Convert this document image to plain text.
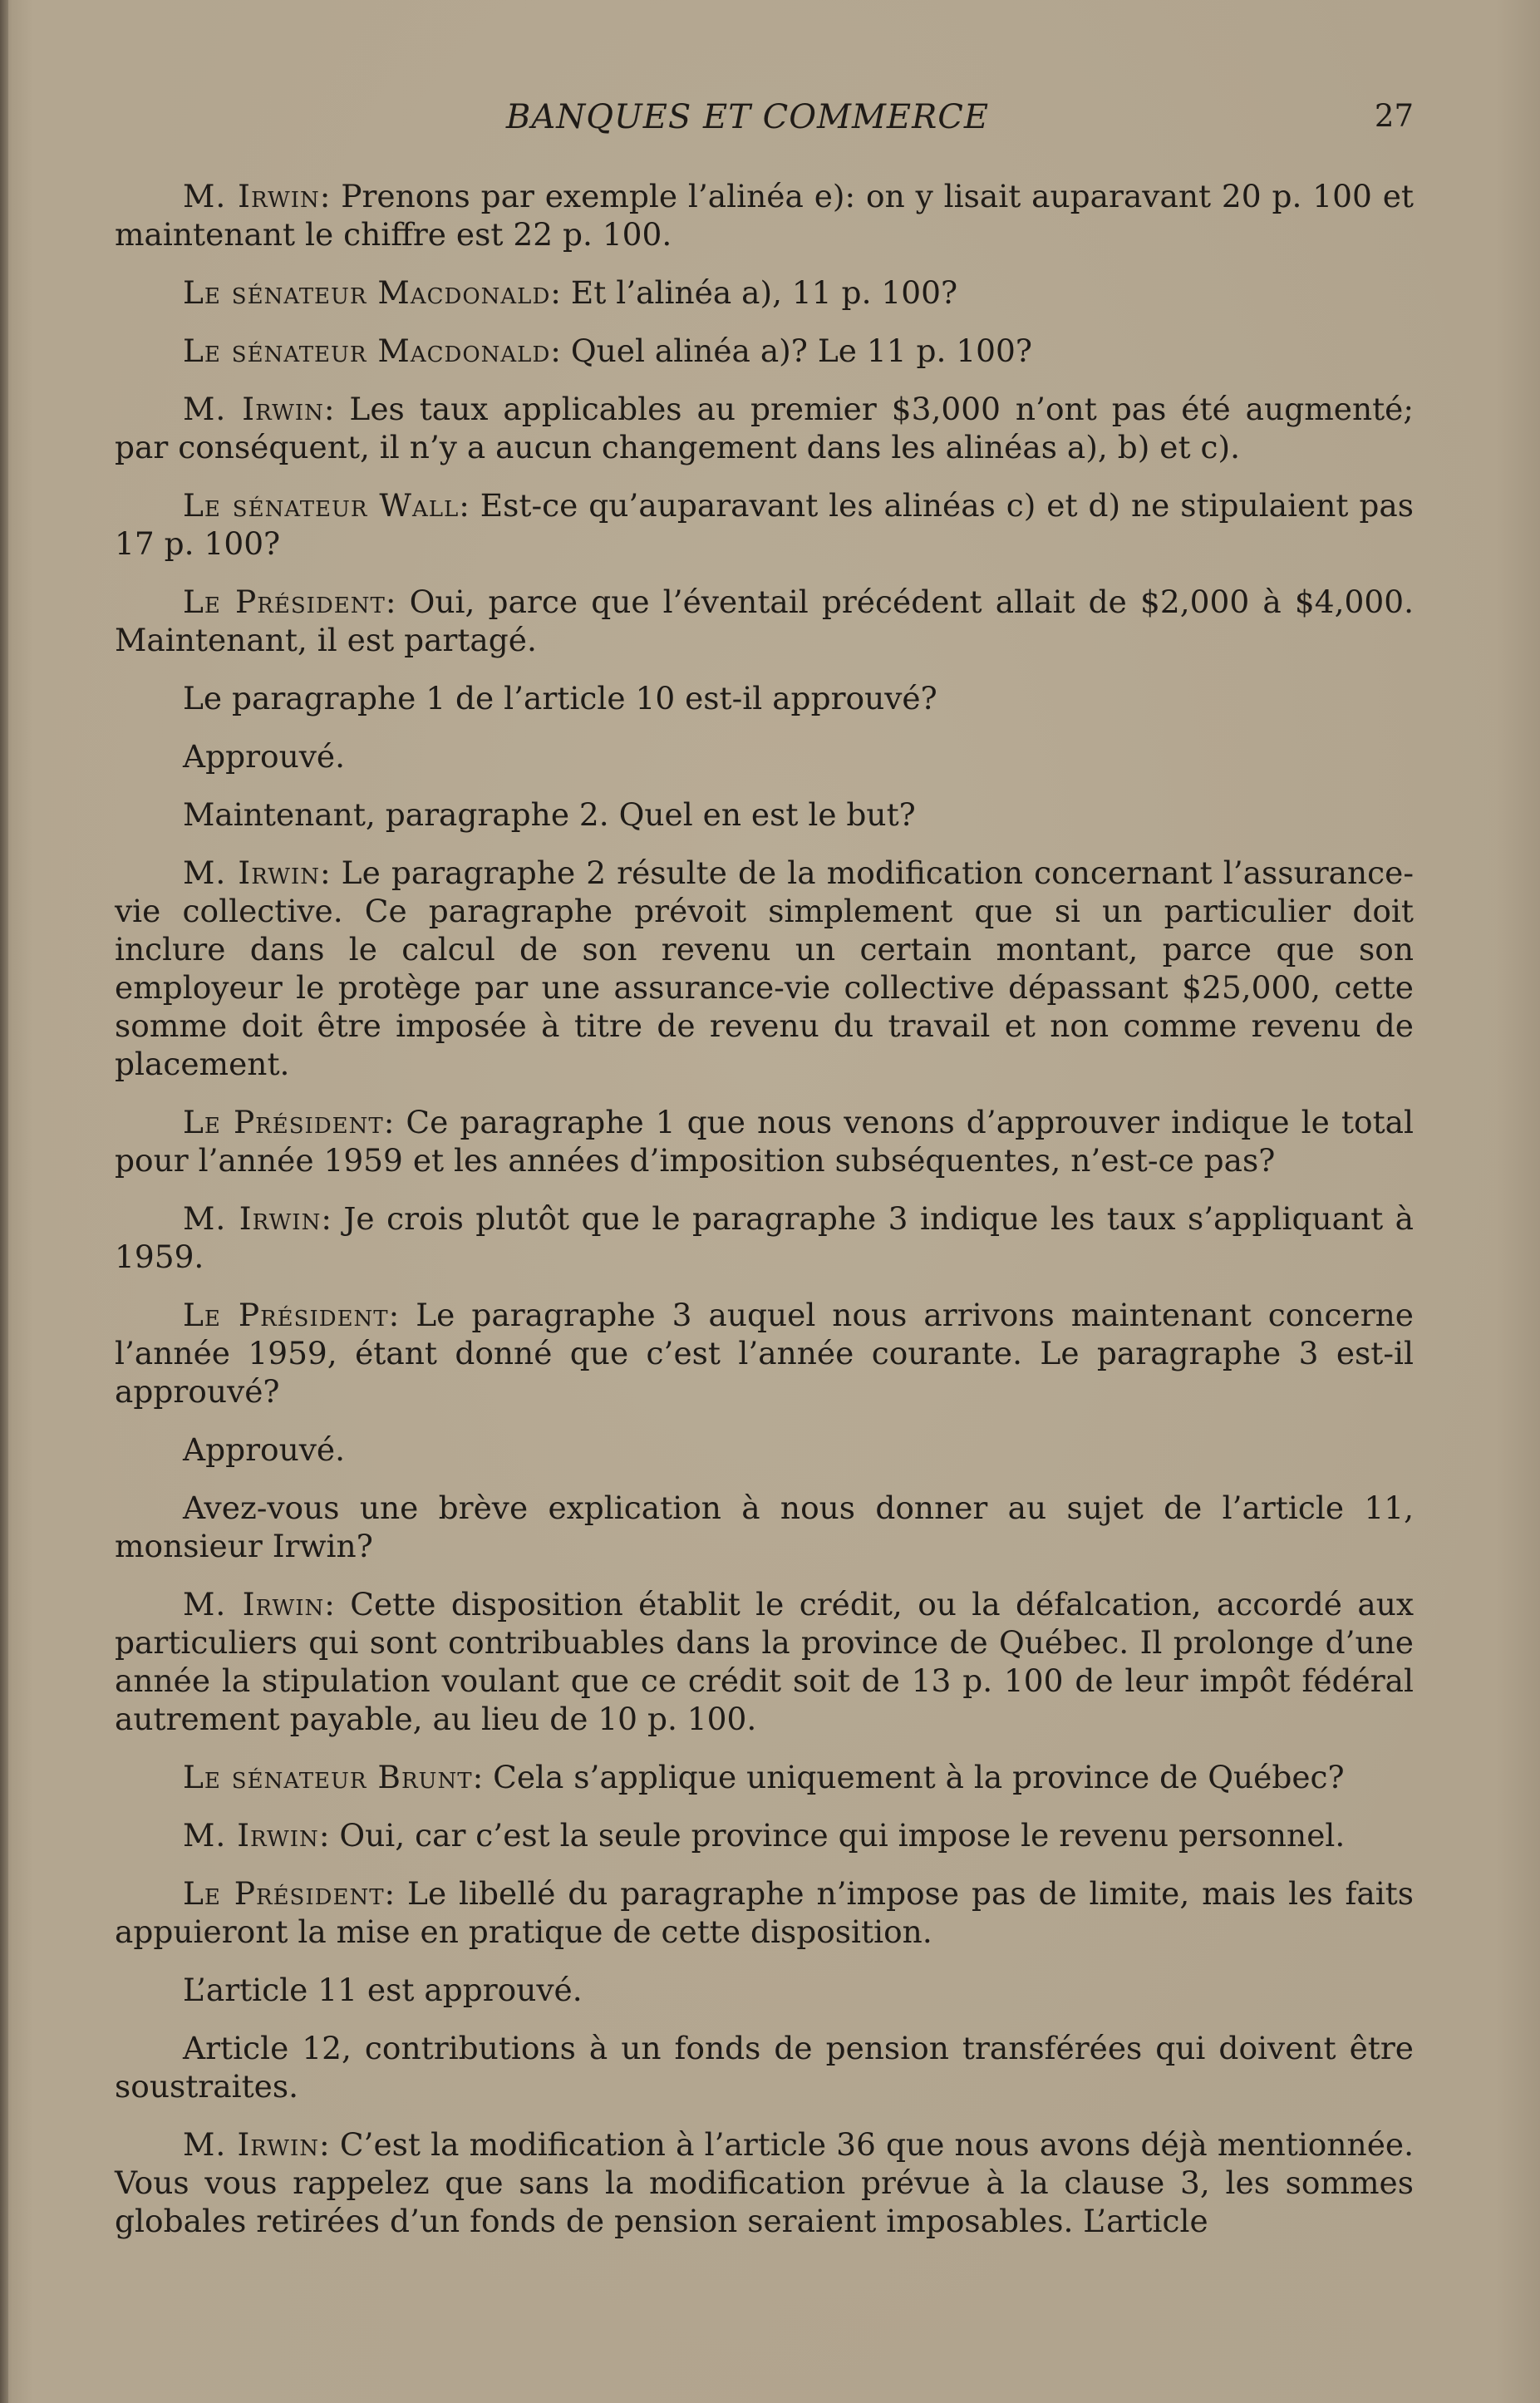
BANQUES ET COMMERCE	27

M. Irwin: Prenons par exemple l’alinéa e): on y lisait auparavant 20 p. 100 et maintenant le chiffre est 22 p. 100.

Le sénateur Macdonald: Et l’alinéa a), 11 p. 100?

Le sénateur Macdonald: Quel alinéa a)? Le 11 p. 100?

M. Irwin: Les taux applicables au premier $3,000 n’ont pas été augmenté; par conséquent, il n’y a aucun changement dans les alinéas a), b) et c).

Le sénateur Wall: Est-ce qu’auparavant les alinéas c) et d) ne stipulaient pas 17 p. 100?

Le Président: Oui, parce que l’éventail précédent allait de $2,000 à $4,000. Maintenant, il est partagé.

Le paragraphe 1 de l’article 10 est-il approuvé?

Approuvé.

Maintenant, paragraphe 2. Quel en est le but?

M. Irwin: Le paragraphe 2 résulte de la modification concernant l’assurance-vie collective. Ce paragraphe prévoit simplement que si un particulier doit inclure dans le calcul de son revenu un certain montant, parce que son employeur le protège par une assurance-vie collective dépassant $25,000, cette somme doit être imposée à titre de revenu du travail et non comme revenu de placement.

Le Président: Ce paragraphe 1 que nous venons d’approuver indique le total pour l’année 1959 et les années d’imposition subséquentes, n’est-ce pas?

M. Irwin: Je crois plutôt que le paragraphe 3 indique les taux s’appliquant à 1959.

Le Président: Le paragraphe 3 auquel nous arrivons maintenant concerne l’année 1959, étant donné que c’est l’année courante. Le paragraphe 3 est-il approuvé?

Approuvé.

Avez-vous une brève explication à nous donner au sujet de l’article 11, monsieur Irwin?

M. Irwin: Cette disposition établit le crédit, ou la défalcation, accordé aux particuliers qui sont contribuables dans la province de Québec. Il prolonge d’une année la stipulation voulant que ce crédit soit de 13 p. 100 de leur impôt fédéral autrement payable, au lieu de 10 p. 100.

Le sénateur Brunt: Cela s’applique uniquement à la province de Québec?

M. Irwin: Oui, car c’est la seule province qui impose le revenu personnel.

Le Président: Le libellé du paragraphe n’impose pas de limite, mais les faits appuieront la mise en pratique de cette disposition.

L’article 11 est approuvé.

Article 12, contributions à un fonds de pension transférées qui doivent être soustraites.

M. Irwin: C’est la modification à l’article 36 que nous avons déjà mentionnée. Vous vous rappelez que sans la modification prévue à la clause 3, les sommes globales retirées d’un fonds de pension seraient imposables. L’article
